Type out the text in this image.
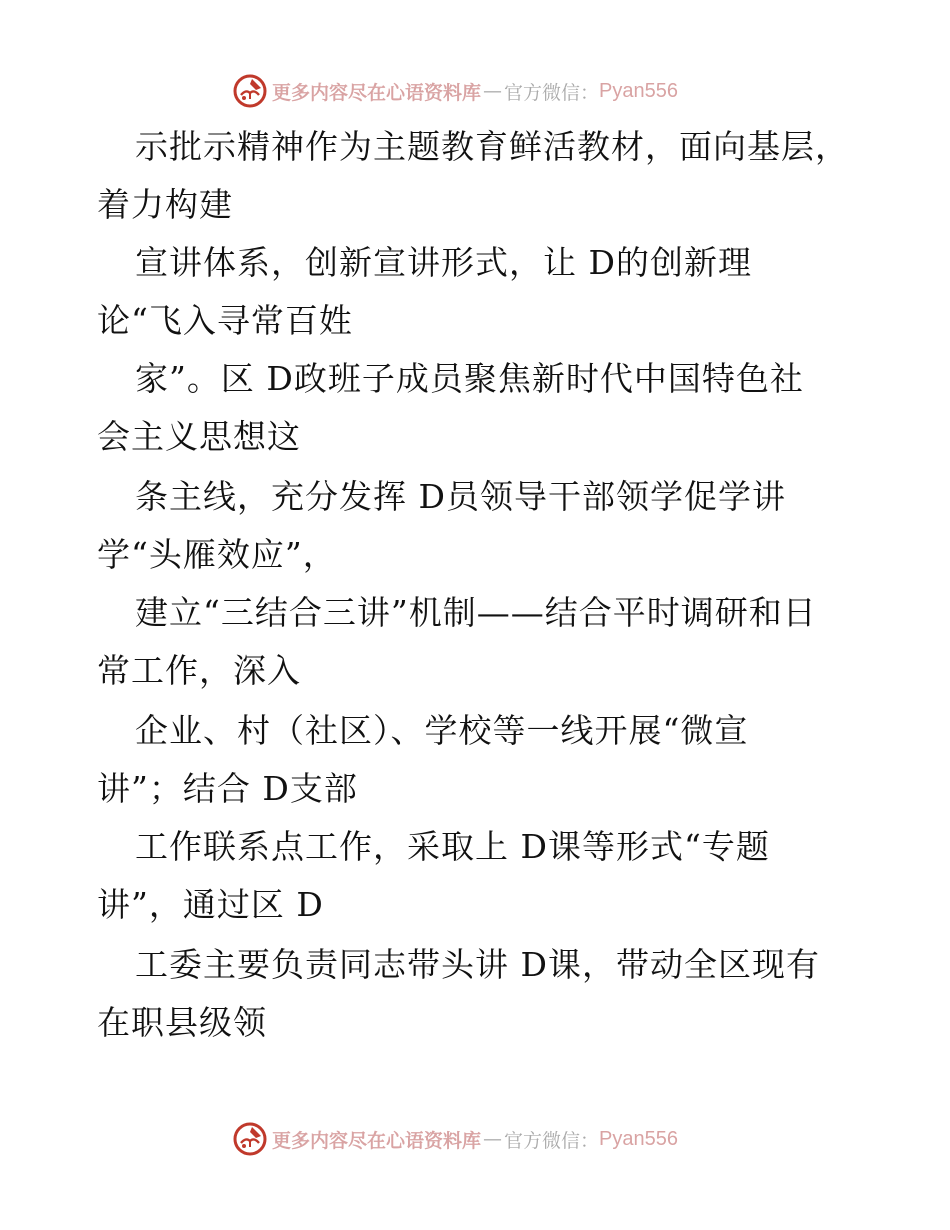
更多内容尽在心语资料库 — 官方微信： Pyan556
示批示精神作为主题教育鲜活教材，面向基层，
着力构建
宣讲体系，创新宣讲形式，让 D的创新理
论“飞入寻常百姓
家”。区 D政班子成员聚焦新时代中国特色社
会主义思想这
条主线，充分发挥 D员领导干部领学促学讲
学“头雁效应”，
建立“三结合三讲”机制——结合平时调研和日
常工作，深入
企业、村（社区）、学校等一线开展“微宣
讲”；结合 D支部
工作联系点工作，采取上 D课等形式“专题
讲”，通过区 D
工委主要负责同志带头讲 D课，带动全区现有
在职县级领
更多内容尽在心语资料库 — 官方微信： Pyan556
